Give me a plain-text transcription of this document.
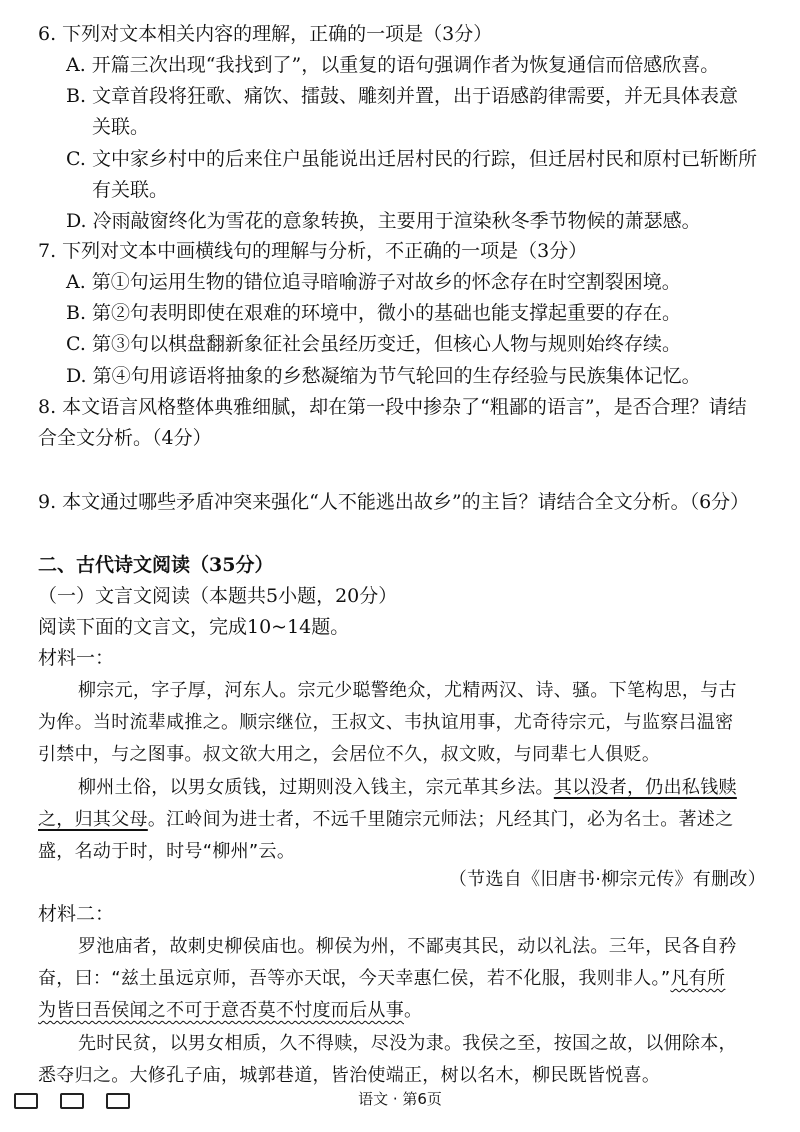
6. 下列对文本相关内容的理解，正确的一项是（3分）
A. 开篇三次出现“我找到了”，以重复的语句强调作者为恢复通信而倍感欣喜。
B. 文章首段将狂歌、痛饮、擂鼓、雕刻并置，出于语感韵律需要，并无具体表意
关联。
C. 文中家乡村中的后来住户虽能说出迁居村民的行踪，但迁居村民和原村已斩断所
有关联。
D. 冷雨敲窗终化为雪花的意象转换，主要用于渲染秋冬季节物候的萧瑟感。
7. 下列对文本中画横线句的理解与分析，不正确的一项是（3分）
A. 第①句运用生物的错位追寻暗喻游子对故乡的怀念存在时空割裂困境。
B. 第②句表明即使在艰难的环境中，微小的基础也能支撑起重要的存在。
C. 第③句以棋盘翻新象征社会虽经历变迁，但核心人物与规则始终存续。
D. 第④句用谚语将抽象的乡愁凝缩为节气轮回的生存经验与民族集体记忆。
8. 本文语言风格整体典雅细腻，却在第一段中掺杂了“粗鄙的语言”，是否合理？请结
合全文分析。（4分）
9. 本文通过哪些矛盾冲突来强化“人不能逃出故乡”的主旨？请结合全文分析。（6分）
二、古代诗文阅读（35分）
（一）文言文阅读（本题共5小题，20分）
阅读下面的文言文，完成10~14题。
材料一：
柳宗元，字子厚，河东人。宗元少聪警绝众，尤精两汉、诗、骚。下笔构思，与古
为侔。当时流辈咸推之。顺宗继位，王叔文、韦执谊用事，尤奇待宗元，与监察吕温密
引禁中，与之图事。叔文欲大用之，会居位不久，叔文败，与同辈七人俱贬。
柳州土俗，以男女质钱，过期则没入钱主，宗元革其乡法。其以没者，仍出私钱赎
之，归其父母。江岭间为进士者，不远千里随宗元师法；凡经其门，必为名士。著述之
盛，名动于时，时号“柳州”云。
（节选自《旧唐书·柳宗元传》有删改）
材料二：
罗池庙者，故刺史柳侯庙也。柳侯为州，不鄙夷其民，动以礼法。三年，民各自矜
奋，曰：“兹土虽远京师，吾等亦天氓，今天幸惠仁侯，若不化服，我则非人。”凡有所
为皆曰吾侯闻之不可于意否莫不忖度而后从事。
先时民贫，以男女相质，久不得赎，尽没为隶。我侯之至，按国之故，以佣除本，
悉夺归之。大修孔子庙，城郭巷道，皆治使端正，树以名木，柳民既皆悦喜。
语文 · 第6页
